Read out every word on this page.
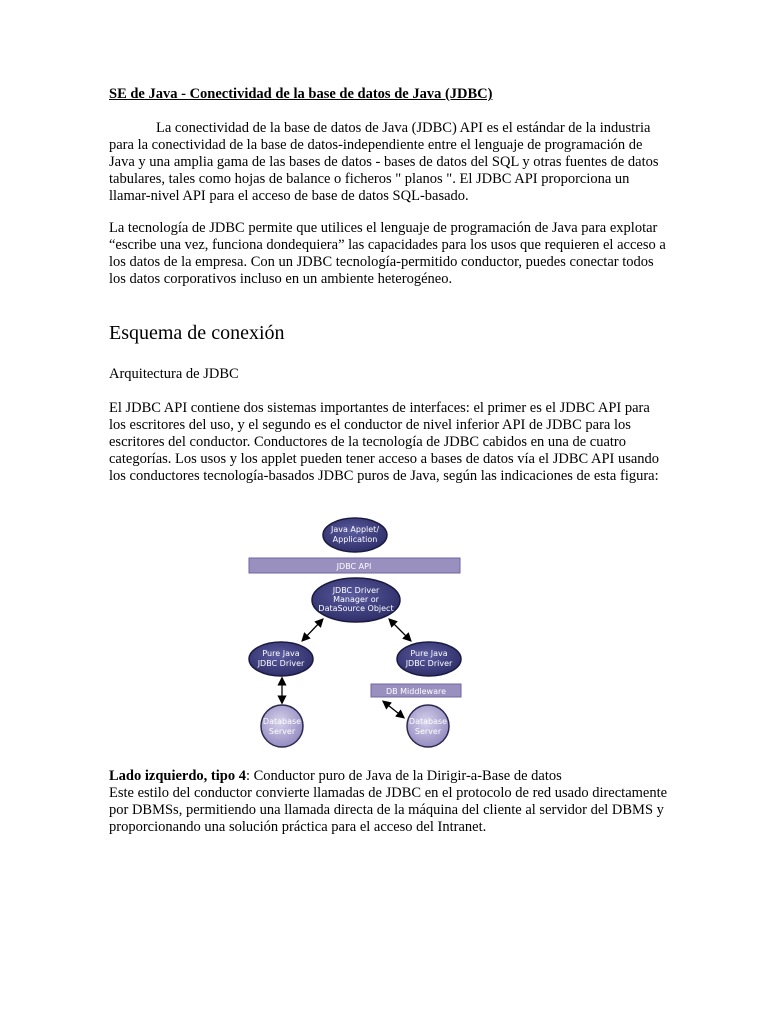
SE de Java - Conectividad de la base de datos de Java (JDBC)

La conectividad de la base de datos de Java (JDBC) API es el estándar de la industria para la conectividad de la base de datos-independiente entre el lenguaje de programación de Java y una amplia gama de las bases de datos - bases de datos del SQL y otras fuentes de datos tabulares, tales como hojas de balance o ficheros " planos ". El JDBC API proporciona un llamar-nivel API para el acceso de base de datos SQL-basado.

La tecnología de JDBC permite que utilices el lenguaje de programación de Java para explotar “escribe una vez, funciona dondequiera” las capacidades para los usos que requieren el acceso a los datos de la empresa. Con un JDBC tecnología-permitido conductor, puedes conectar todos los datos corporativos incluso en un ambiente heterogéneo.

Esquema de conexión

Arquitectura de JDBC

El JDBC API contiene dos sistemas importantes de interfaces: el primer es el JDBC API para los escritores del uso, y el segundo es el conductor de nivel inferior API de JDBC para los escritores del conductor. Conductores de la tecnología de JDBC cabidos en una de cuatro categorías. Los usos y los applet pueden tener acceso a bases de datos vía el JDBC API usando los conductores tecnología-basados JDBC puros de Java, según las indicaciones de esta figura:

Java Applet/
Application
JDBC API
JDBC Driver
Manager or
DataSource Object
Pure Java
JDBC Driver
Pure Java
JDBC Driver
DB Middleware
Database
Server
Database
Server

Lado izquierdo, tipo 4: Conductor puro de Java de la Dirigir-a-Base de datos
Este estilo del conductor convierte llamadas de JDBC en el protocolo de red usado directamente por DBMSs, permitiendo una llamada directa de la máquina del cliente al servidor del DBMS y proporcionando una solución práctica para el acceso del Intranet.
